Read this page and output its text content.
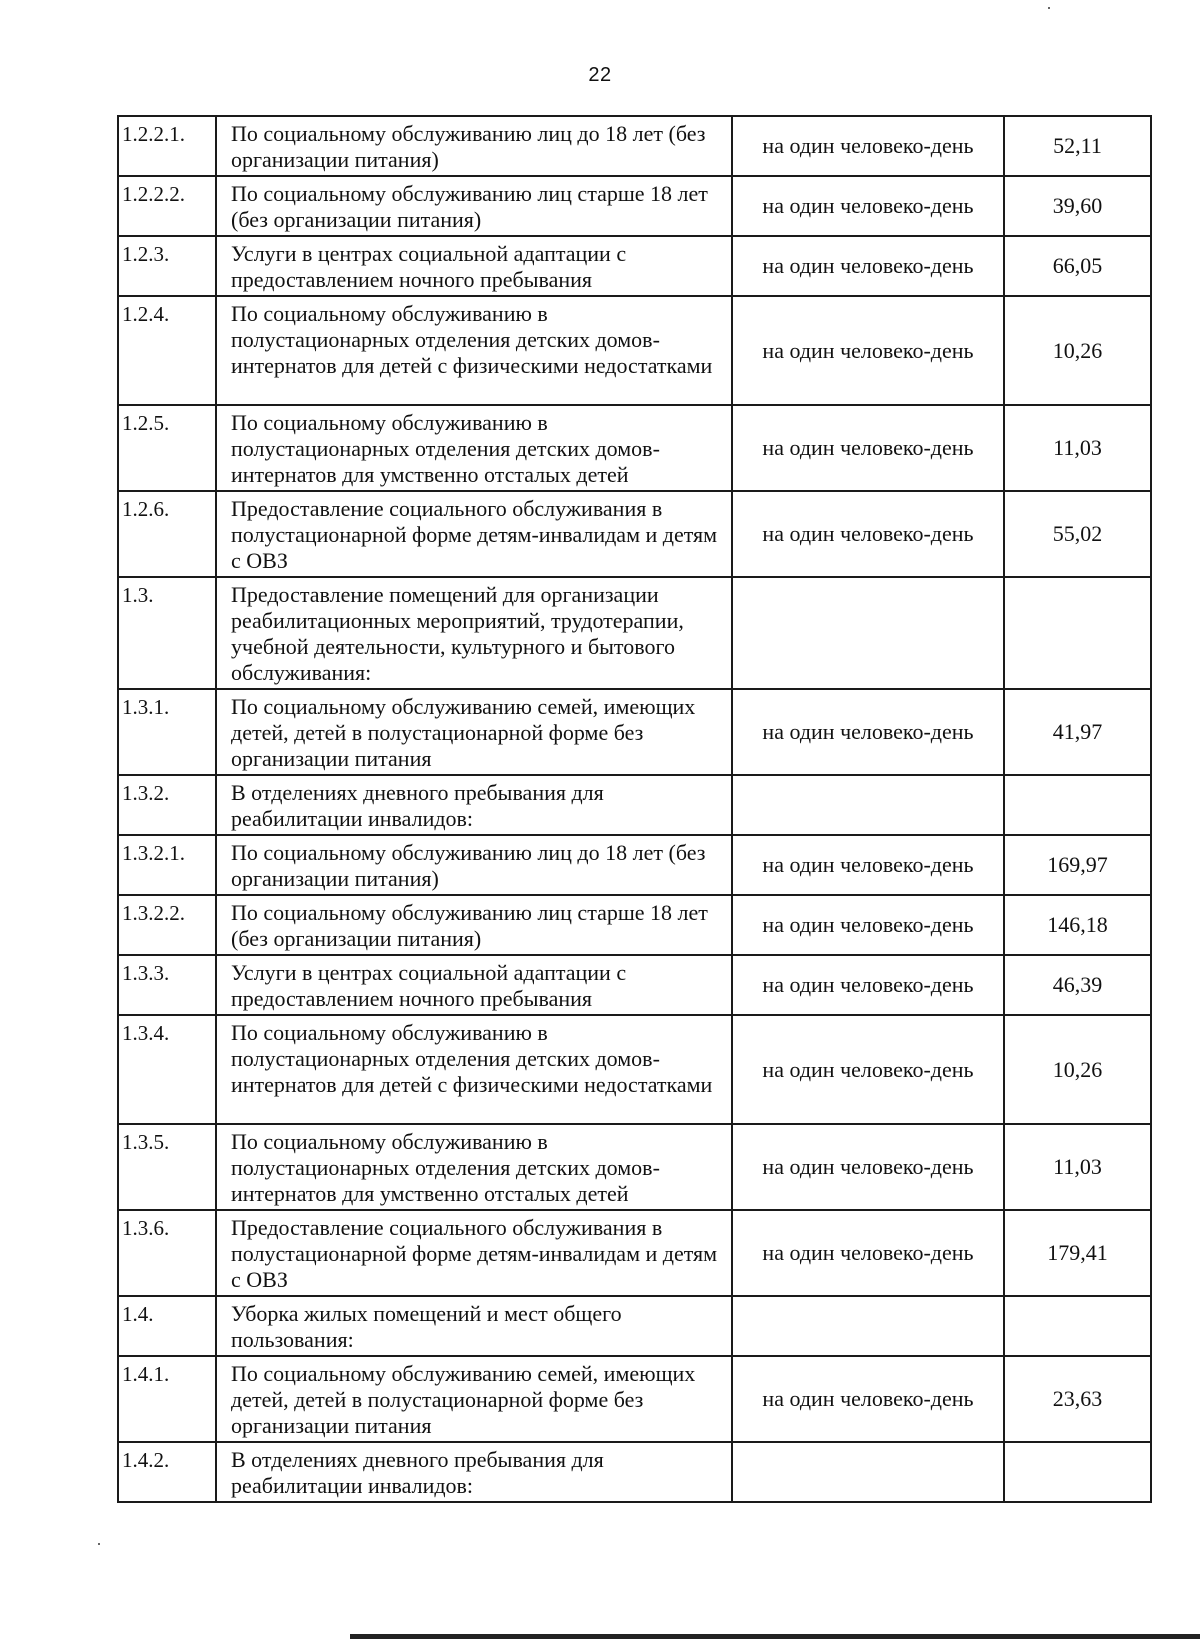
22
1.2.2.1.	По социальному обслуживанию лиц до 18 лет (без организации питания)	на один человеко-день	52,11
1.2.2.2.	По социальному обслуживанию лиц старше 18 лет (без организации питания)	на один человеко-день	39,60
1.2.3.	Услуги в центрах социальной адаптации с предоставлением ночного пребывания	на один человеко-день	66,05
1.2.4.	По социальному обслуживанию в полустационарных отделения детских домов-интернатов для детей с физическими недостатками	на один человеко-день	10,26
1.2.5.	По социальному обслуживанию в полустационарных отделения детских домов-интернатов для умственно отсталых детей	на один человеко-день	11,03
1.2.6.	Предоставление социального обслуживания в полустационарной форме детям-инвалидам и детям с ОВЗ	на один человеко-день	55,02
1.3.	Предоставление помещений для организации реабилитационных мероприятий, трудотерапии, учебной деятельности, культурного и бытового обслуживания:		
1.3.1.	По социальному обслуживанию семей, имеющих детей, детей в полустационарной форме без организации питания	на один человеко-день	41,97
1.3.2.	В отделениях дневного пребывания для реабилитации инвалидов:		
1.3.2.1.	По социальному обслуживанию лиц до 18 лет (без организации питания)	на один человеко-день	169,97
1.3.2.2.	По социальному обслуживанию лиц старше 18 лет (без организации питания)	на один человеко-день	146,18
1.3.3.	Услуги в центрах социальной адаптации с предоставлением ночного пребывания	на один человеко-день	46,39
1.3.4.	По социальному обслуживанию в полустационарных отделения детских домов-интернатов для детей с физическими недостатками	на один человеко-день	10,26
1.3.5.	По социальному обслуживанию в полустационарных отделения детских домов-интернатов для умственно отсталых детей	на один человеко-день	11,03
1.3.6.	Предоставление социального обслуживания в полустационарной форме детям-инвалидам и детям с ОВЗ	на один человеко-день	179,41
1.4.	Уборка жилых помещений и мест общего пользования:		
1.4.1.	По социальному обслуживанию семей, имеющих детей, детей в полустационарной форме без организации питания	на один человеко-день	23,63
1.4.2.	В отделениях дневного пребывания для реабилитации инвалидов:		
